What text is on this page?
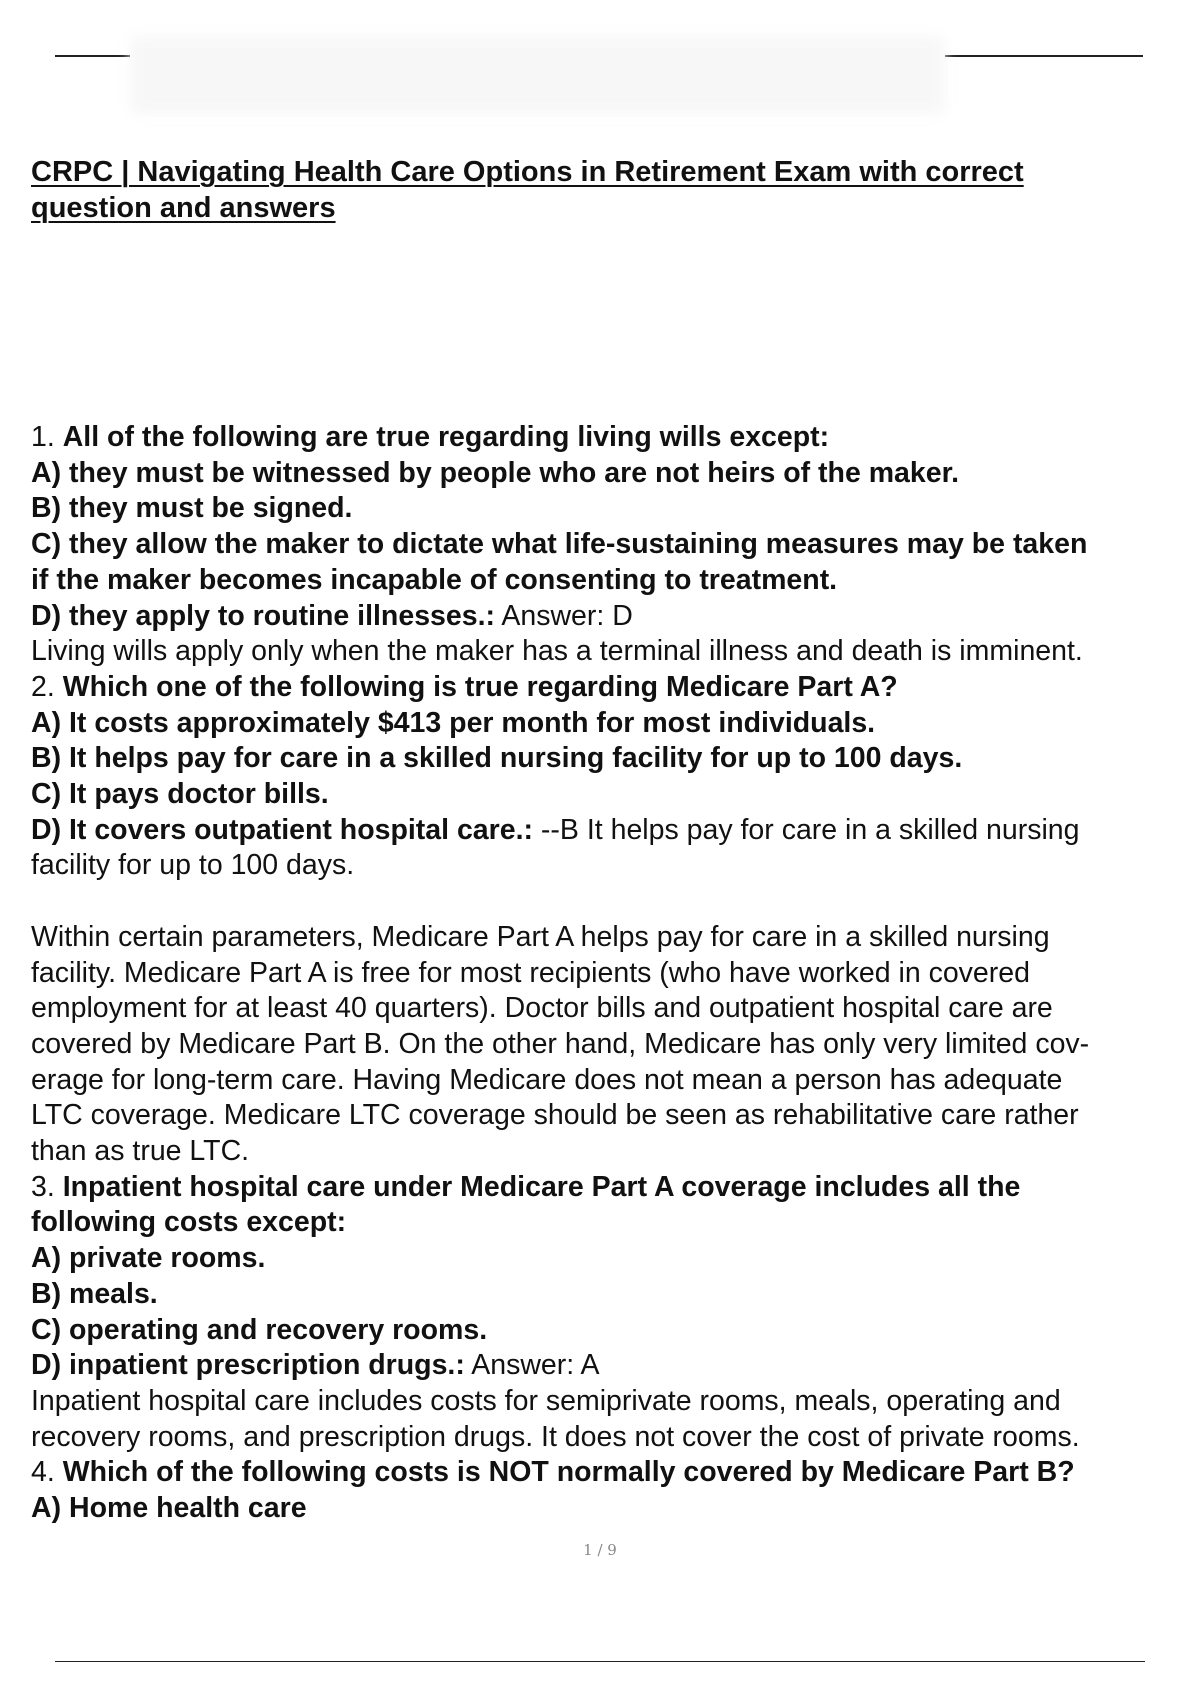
CRPC | Navigating Health Care Options in Retirement Exam with correct
question and answers
1. All of the following are true regarding living wills except:
A) they must be witnessed by people who are not heirs of the maker.
B) they must be signed.
C) they allow the maker to dictate what life-sustaining measures may be taken
if the maker becomes incapable of consenting to treatment.
D) they apply to routine illnesses.: Answer: D
Living wills apply only when the maker has a terminal illness and death is imminent.
2. Which one of the following is true regarding Medicare Part A?
A) It costs approximately $413 per month for most individuals.
B) It helps pay for care in a skilled nursing facility for up to 100 days.
C) It pays doctor bills.
D) It covers outpatient hospital care.: --B It helps pay for care in a skilled nursing
facility for up to 100 days.
Within certain parameters, Medicare Part A helps pay for care in a skilled nursing
facility. Medicare Part A is free for most recipients (who have worked in covered
employment for at least 40 quarters). Doctor bills and outpatient hospital care are
covered by Medicare Part B. On the other hand, Medicare has only very limited cov-
erage for long-term care. Having Medicare does not mean a person has adequate
LTC coverage. Medicare LTC coverage should be seen as rehabilitative care rather
than as true LTC.
3. Inpatient hospital care under Medicare Part A coverage includes all the
following costs except:
A) private rooms.
B) meals.
C) operating and recovery rooms.
D) inpatient prescription drugs.: Answer: A
Inpatient hospital care includes costs for semiprivate rooms, meals, operating and
recovery rooms, and prescription drugs. It does not cover the cost of private rooms.
4. Which of the following costs is NOT normally covered by Medicare Part B?
A) Home health care
1 / 9
